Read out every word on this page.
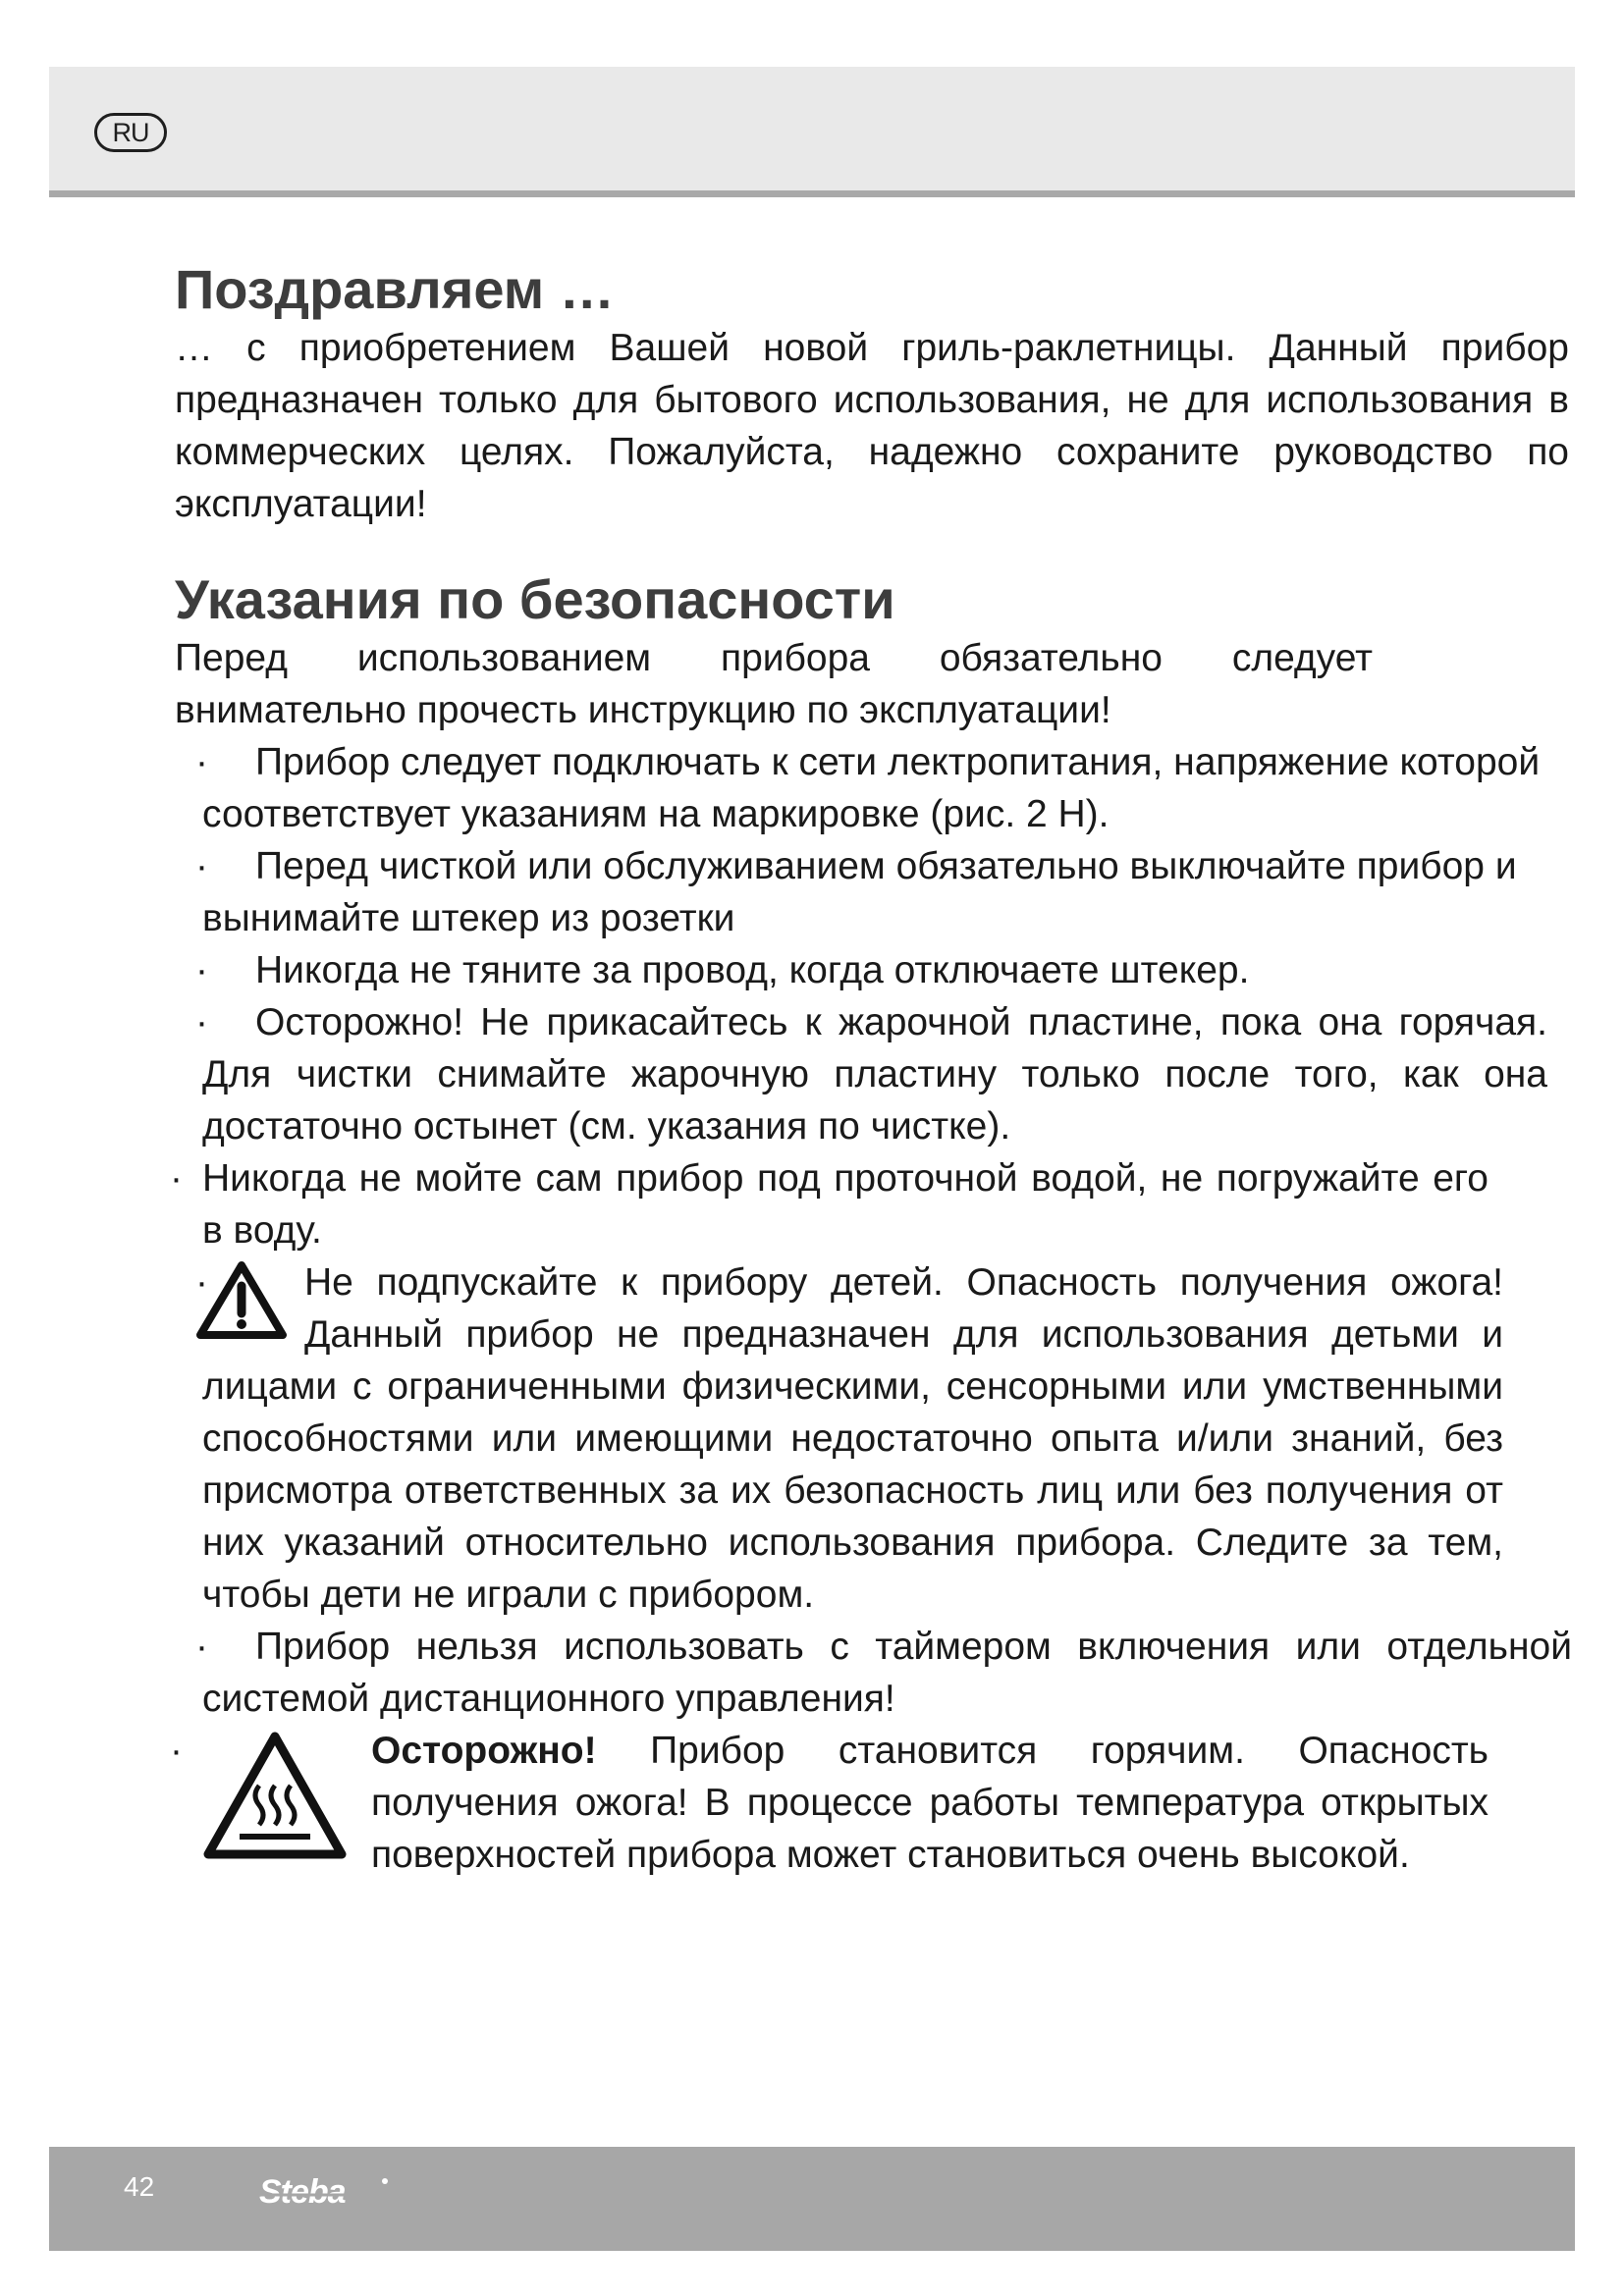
RU
Поздравляем …

… с приобретением Вашей новой гриль-раклетницы. Данный прибор предназначен только для бытового использования, не для использования в коммерческих целях. Пожалуйста, надежно сохраните руководство по эксплуатации!

Указания по безопасности

Перед использованием прибора обязательно следует внимательно прочесть инструкцию по эксплуатации!

·	Прибор следует подключать к сети лектропитания, напряжение которой соответствует указаниям на маркировке (рис. 2 H).

·	Перед чисткой или обслуживанием обязательно выключайте прибор и вынимайте штекер из розетки

·	Никогда не тяните за провод, когда отключаете штекер.

·	Осторожно! Не прикасайтесь к жарочной пластине, пока она горячая. Для чистки снимайте жарочную пластину только после того, как она достаточно остынет (см. указания по чистке).

· Никогда не мойте сам прибор под проточной водой, не погружайте его в воду.

·	Не подпускайте к прибору детей. Опасность получения ожога! Данный прибор не предназначен для использования детьми и лицами с ограниченными физическими, сенсорными или умственными способностями или имеющими недостаточно опыта и/или знаний, без присмотра ответственных за их безопасность лиц или без получения от них указаний относительно использования прибора. Следите за тем, чтобы дети не играли с прибором.

·	Прибор нельзя использовать с таймером включения или отдельной системой дистанционного управления!

·	Осторожно! Прибор становится горячим. Опасность получения ожога! В процессе работы температура открытых поверхностей прибора может становиться очень высокой.
42	Steba
